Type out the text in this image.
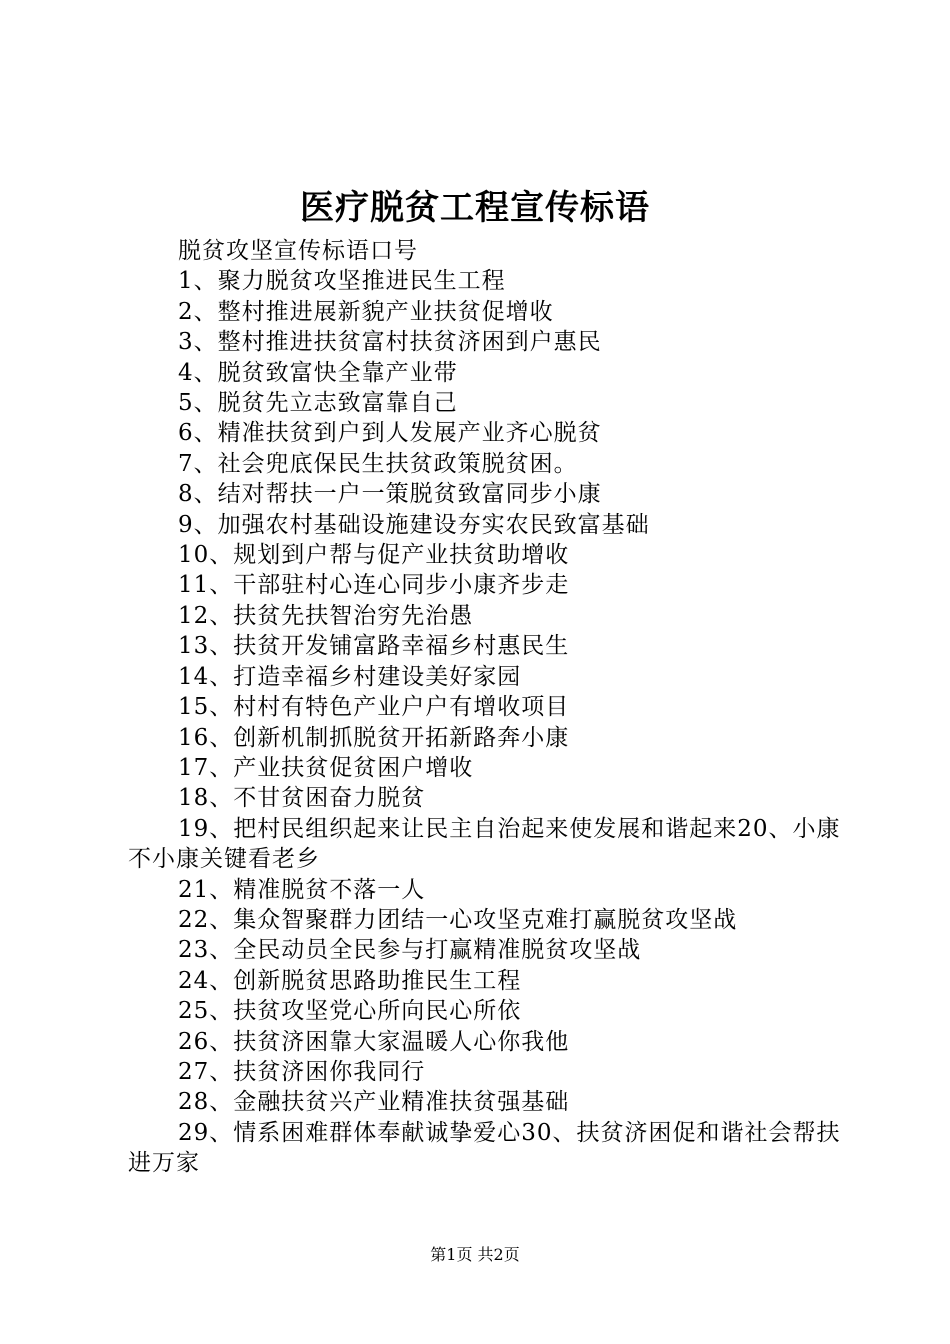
医疗脱贫工程宣传标语

脱贫攻坚宣传标语口号

1、聚力脱贫攻坚推进民生工程

2、整村推进展新貌产业扶贫促增收

3、整村推进扶贫富村扶贫济困到户惠民

4、脱贫致富快全靠产业带

5、脱贫先立志致富靠自己

6、精准扶贫到户到人发展产业齐心脱贫

7、社会兜底保民生扶贫政策脱贫困。

8、结对帮扶一户一策脱贫致富同步小康

9、加强农村基础设施建设夯实农民致富基础

10、规划到户帮与促产业扶贫助增收

11、干部驻村心连心同步小康齐步走

12、扶贫先扶智治穷先治愚

13、扶贫开发铺富路幸福乡村惠民生

14、打造幸福乡村建设美好家园

15、村村有特色产业户户有增收项目

16、创新机制抓脱贫开拓新路奔小康

17、产业扶贫促贫困户增收

18、不甘贫困奋力脱贫

19、把村民组织起来让民主自治起来使发展和谐起来20、小康不小康关键看老乡

21、精准脱贫不落一人

22、集众智聚群力团结一心攻坚克难打赢脱贫攻坚战

23、全民动员全民参与打赢精准脱贫攻坚战

24、创新脱贫思路助推民生工程

25、扶贫攻坚党心所向民心所依

26、扶贫济困靠大家温暖人心你我他

27、扶贫济困你我同行

28、金融扶贫兴产业精准扶贫强基础

29、情系困难群体奉献诚挚爱心30、扶贫济困促和谐社会帮扶进万家

第1页 共2页
